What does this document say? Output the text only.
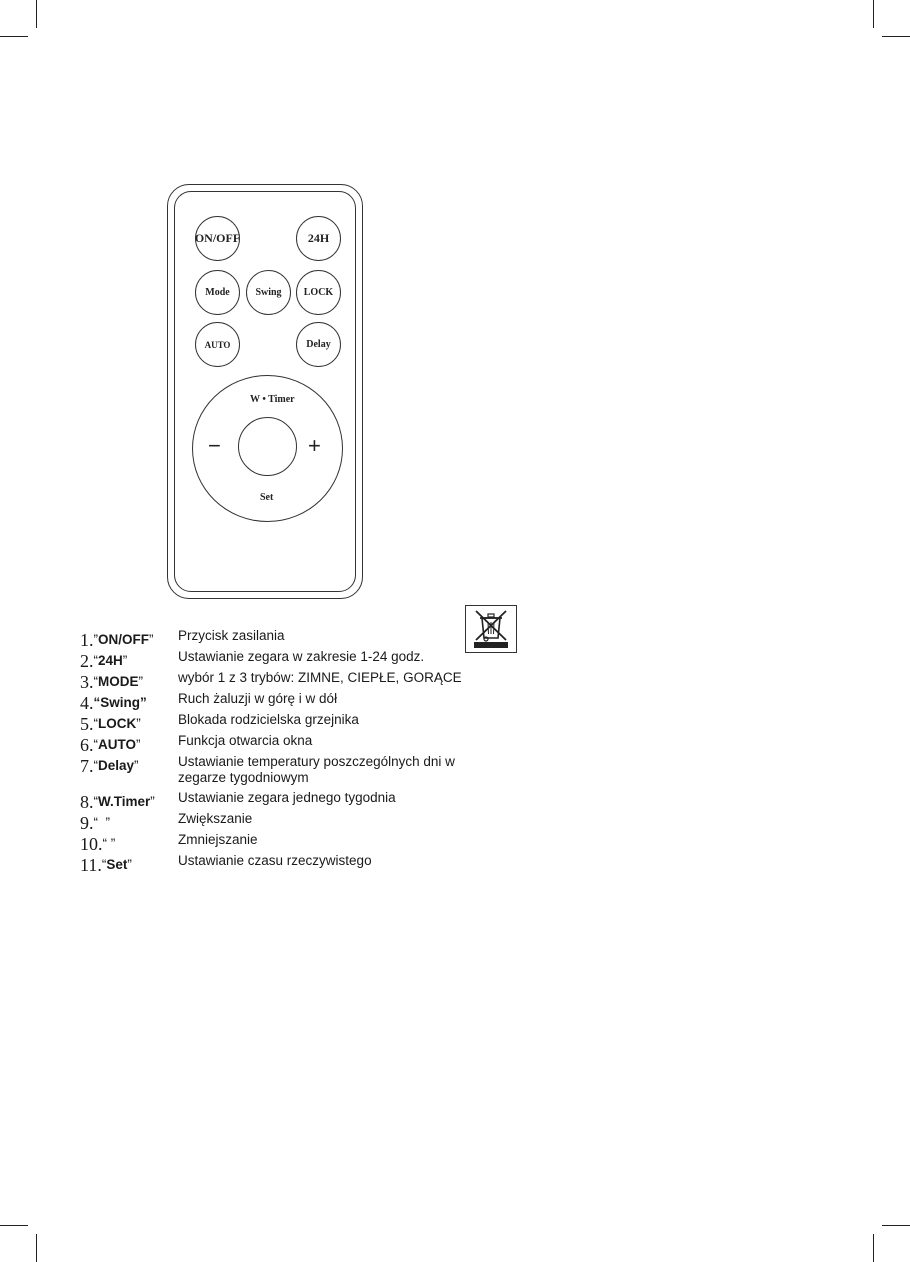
ON/OFF	24H
Mode	Swing	LOCK
AUTO	Delay
W • Timer
Set
−	+
1.”ON/OFF” Przycisk zasilania
2.“24H”	Ustawianie zegara w zakresie 1-24 godz.
3.“MODE”	wybór 1 z 3 trybów: ZIMNE, CIEPŁE, GORĄCE
4.“Swing” Ruch żaluzji w górę i w dół
5.“LOCK”	Blokada rodzicielska grzejnika
6.“AUTO”	Funkcja otwarcia okna
7.“Delay”	Ustawianie temperatury poszczególnych dni w zegarze tygodniowym
8.“W.Timer” Ustawianie zegara jednego tygodnia
9.“  ”	Zwiększanie
10.“ ”	Zmniejszanie
11.“Set”	Ustawianie czasu rzeczywistego
